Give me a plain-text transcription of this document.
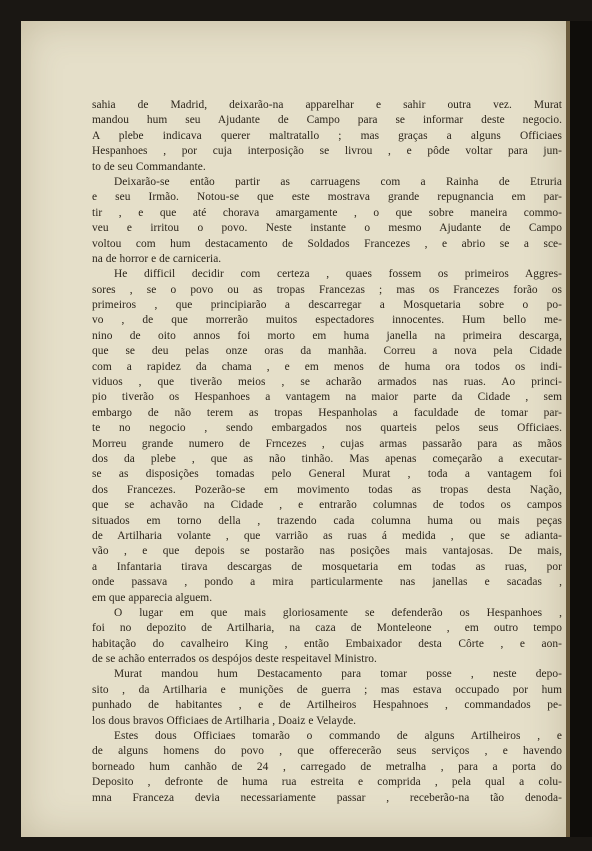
sahia de Madrid, deixarão-na apparelhar e sahir outra vez. Murat
mandou hum seu Ajudante de Campo para se informar deste negocio.
A plebe indicava querer maltratallo ; mas graças a alguns Officiaes
Hespanhoes , por cuja interposição se livrou , e pôde voltar para jun-
to de seu Commandante.
Deixarão-se então partir as carruagens com a Rainha de Etruria
e seu Irmão. Notou-se que este mostrava grande repugnancia em par-
tir , e que até chorava amargamente , o que sobre maneira commo-
veu e irritou o povo. Neste instante o mesmo Ajudante de Campo
voltou com hum destacamento de Soldados Francezes , e abrio se a sce-
na de horror e de carniceria.
He difficil decidir com certeza , quaes fossem os primeiros Aggres-
sores , se o povo ou as tropas Francezas ; mas os Francezes forão os
primeiros , que principiarão a descarregar a Mosquetaria sobre o po-
vo , de que morrerão muitos espectadores innocentes. Hum bello me-
nino de oito annos foi morto em huma janella na primeira descarga,
que se deu pelas onze oras da manhãa. Correu a nova pela Cidade
com a rapidez da chama , e em menos de huma ora todos os indi-
viduos , que tiverão meios , se acharão armados nas ruas. Ao princi-
pio tiverão os Hespanhoes a vantagem na maior parte da Cidade , sem
embargo de não terem as tropas Hespanholas a faculdade de tomar par-
te no negocio , sendo embargados nos quarteis pelos seus Officiaes.
Morreu grande numero de Frncezes , cujas armas passarão para as mãos
dos da plebe , que as não tinhão. Mas apenas começarão a executar-
se as disposições tomadas pelo General Murat , toda a vantagem foi
dos Francezes. Pozerão-se em movimento todas as tropas desta Nação,
que se achavão na Cidade , e entrarão columnas de todos os campos
situados em torno della , trazendo cada columna huma ou mais peças
de Artilharia volante , que varrião as ruas á medida , que se adianta-
vão , e que depois se postarão nas posições mais vantajosas. De mais,
a Infantaria tirava descargas de mosquetaria em todas as ruas, por
onde passava , pondo a mira particularmente nas janellas e sacadas ,
em que apparecia alguem.
O lugar em que mais gloriosamente se defenderão os Hespanhoes ,
foi no depozito de Artilharia, na caza de Monteleone , em outro tempo
habitação do cavalheiro King , então Embaixador desta Côrte , e aon-
de se achão enterrados os despójos deste respeitavel Ministro.
Murat mandou hum Destacamento para tomar posse , neste depo-
sito , da Artilharia e munições de guerra ; mas estava occupado por hum
punhado de habitantes , e de Artilheiros Hespahnoes , commandados pe-
los dous bravos Officiaes de Artilharia , Doaiz e Velayde.
Estes dous Officiaes tomarão o commando de alguns Artilheiros , e
de alguns homens do povo , que offerecerão seus serviços , e havendo
borneado hum canhão de 24 , carregado de metralha , para a porta do
Deposito , defronte de huma rua estreita e comprida , pela qual a colu-
mna Franceza devia necessariamente passar , receberão-na tão denoda-
